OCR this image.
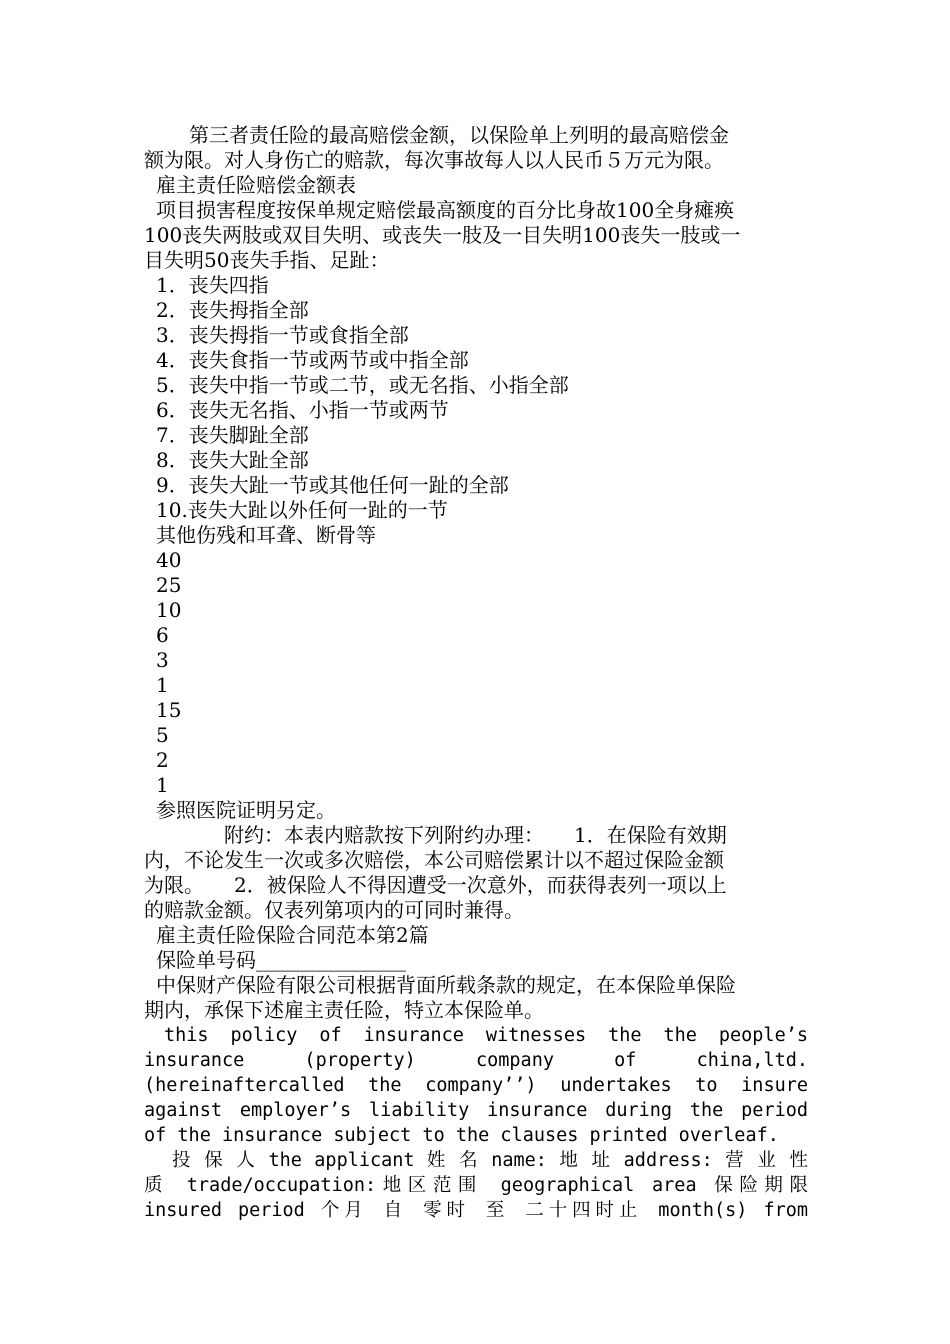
第三者责任险的最高赔偿金额，以保险单上列明的最高赔偿金
额为限。对人身伤亡的赔款，每次事故每人以人民币５万元为限。
雇主责任险赔偿金额表
项目损害程度按保单规定赔偿最高额度的百分比身故100全身瘫痪
100丧失两肢或双目失明、或丧失一肢及一目失明100丧失一肢或一
目失明50丧失手指、足趾：
1．丧失四指
2．丧失拇指全部
3．丧失拇指一节或食指全部
4．丧失食指一节或两节或中指全部
5．丧失中指一节或二节，或无名指、小指全部
6．丧失无名指、小指一节或两节
7．丧失脚趾全部
8．丧失大趾全部
9．丧失大趾一节或其他任何一趾的全部
10.丧失大趾以外任何一趾的一节
其他伤残和耳聋、断骨等
40
25
10
6
3
1
15
5
2
1
参照医院证明另定。
附约：本表内赔款按下列附约办理：　　1．在保险有效期
内，不论发生一次或多次赔偿，本公司赔偿累计以不超过保险金额
为限。　　2．被保险人不得因遭受一次意外，而获得表列一项以上
的赔款金额。仅表列第项内的可同时兼得。
雇主责任险保险合同范本第2篇
保险单号码_______________
中保财产保险有限公司根据背面所载条款的规定，在本保险单保险
期内，承保下述雇主责任险，特立本保险单。
this policy of insurance witnesses the the people’s
insurance (property) company of china,ltd.
(hereinaftercalled the company’’) undertakes to insure
against employer’s liability insurance during the period
of the insurance subject to the clauses printed overleaf.
投 保 人 the applicant 姓 名 name: 地 址 address: 营 业 性
质 trade/occupation:地区范围 geographical area 保险期限
insured period 个月 自 零时 至 二十四时止 month(s) from
